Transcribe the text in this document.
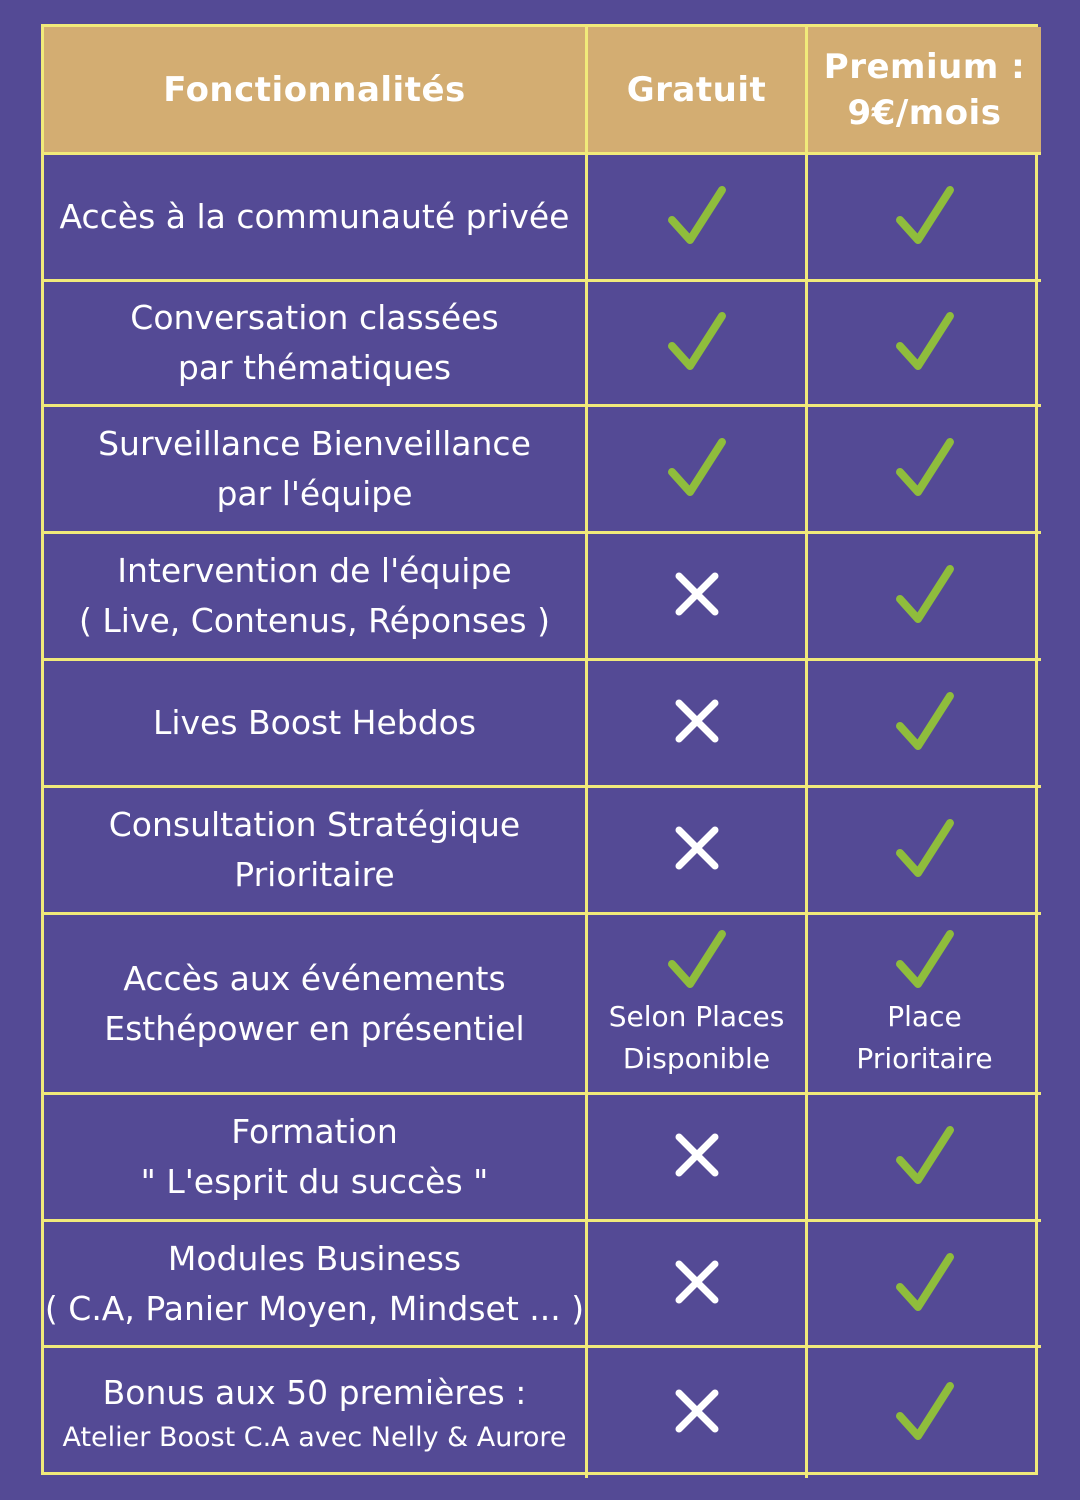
Fonctionnalités	Gratuit
Premium :
9€/mois
Accès à la communauté privée
Conversation classées
par thématiques
Surveillance Bienveillance
par l'équipe
Intervention de l'équipe
( Live, Contenus, Réponses )
Lives Boost Hebdos
Consultation Stratégique
Prioritaire
Accès aux événements
Esthépower en présentiel	Selon Places
Disponible
Place
Prioritaire
Formation
" L'esprit du succès "
Modules Business
( C.A, Panier Moyen, Mindset ... )
Bonus aux 50 premières :
Atelier Boost C.A avec Nelly & Aurore
